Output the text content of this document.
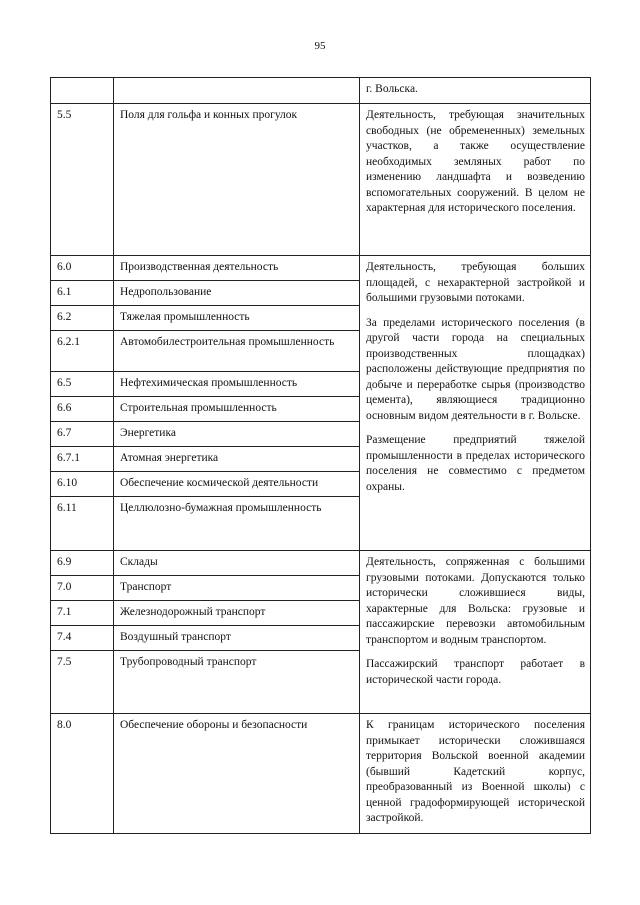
95

		г. Вольска.

5.5	Поля для гольфа и конных прогулок	Деятельность, требующая значительных свободных (не обремененных) земельных участков, а также осуществление необходимых земляных работ по изменению ландшафта и возведению вспомогательных сооружений. В целом не характерная для исторического поселения.

6.0	Производственная деятельность	Деятельность, требующая больших площадей, с нехарактерной застройкой и большими грузовыми потоками.

За пределами исторического поселения (в другой части города на специальных производственных площадках) расположены действующие предприятия по добыче и переработке сырья (производство цемента), являющиеся традиционно основным видом деятельности в г. Вольске.

Размещение предприятий тяжелой промышленности в пределах исторического поселения не совместимо с предметом охраны.

6.1	Недропользование	
6.2	Тяжелая промышленность	
6.2.1	Автомобилестроительная промышленность	
6.5	Нефтехимическая промышленность	
6.6	Строительная промышленность	
6.7	Энергетика	
6.7.1	Атомная энергетика	
6.10	Обеспечение космической деятельности	
6.11	Целлюлозно-бумажная промышленность	
6.9	Склады	Деятельность, сопряженная с большими грузовыми потоками. Допускаются только исторически сложившиеся виды, характерные для Вольска: грузовые и пассажирские перевозки автомобильным транспортом и водным транспортом.

Пассажирский транспорт работает в исторической части города.

7.0	Транспорт	
7.1	Железнодорожный транспорт	
7.4	Воздушный транспорт	
7.5	Трубопроводный транспорт	
8.0	Обеспечение обороны и безопасности	К границам исторического поселения примыкает исторически сложившаяся территория Вольской военной академии (бывший Кадетский корпус, преобразованный из Военной школы) с ценной градоформирующей исторической застройкой.
